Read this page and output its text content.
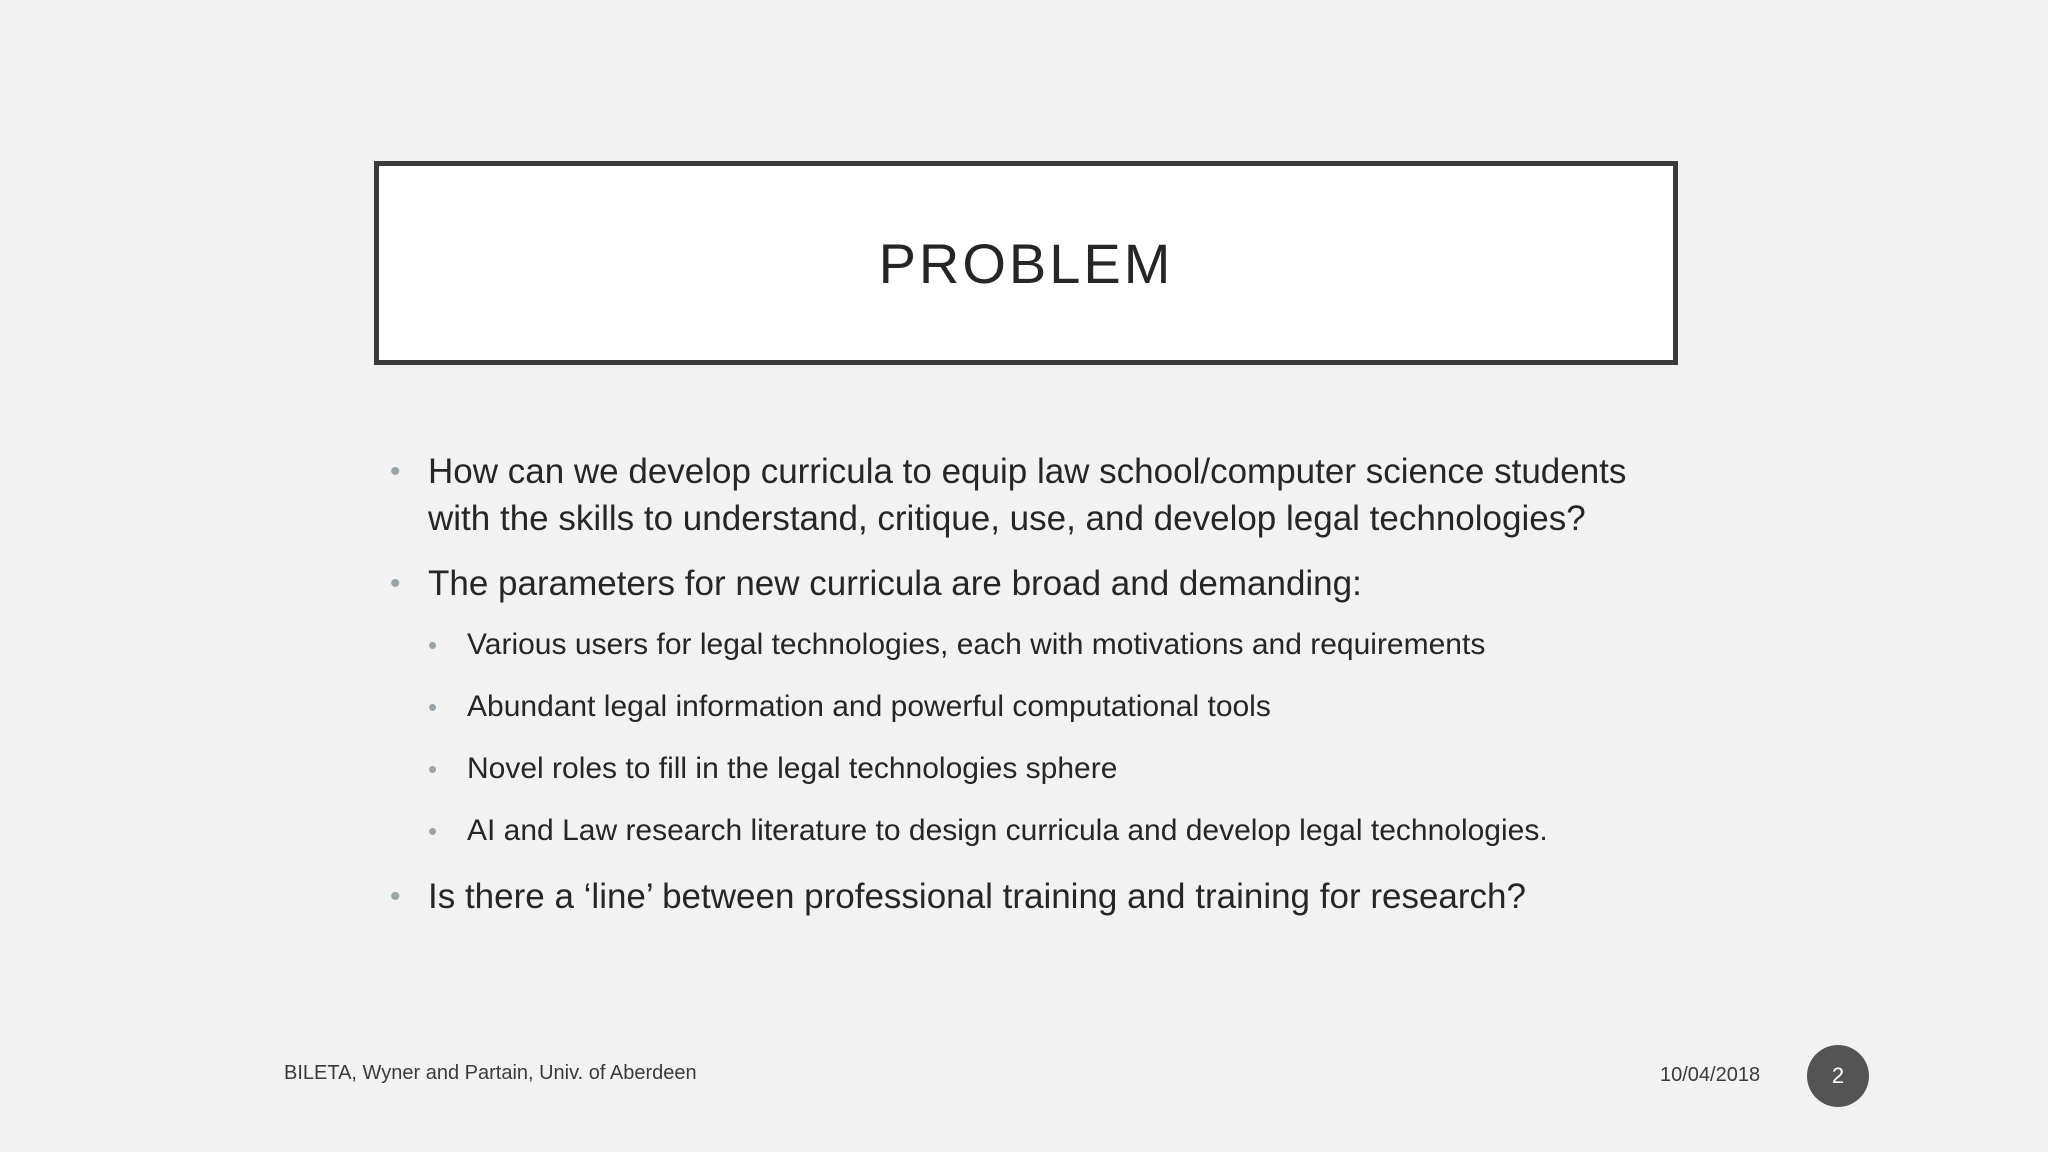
PROBLEM
• How can we develop curricula to equip law school/computer science students with the skills to understand, critique, use, and develop legal technologies?
• The parameters for new curricula are broad and demanding:
• Various users for legal technologies, each with motivations and requirements
• Abundant legal information and powerful computational tools
• Novel roles to fill in the legal technologies sphere
• AI and Law research literature to design curricula and develop legal technologies.
• Is there a ‘line’ between professional training and training for research?
BILETA, Wyner and Partain, Univ. of Aberdeen	10/04/2018	2
